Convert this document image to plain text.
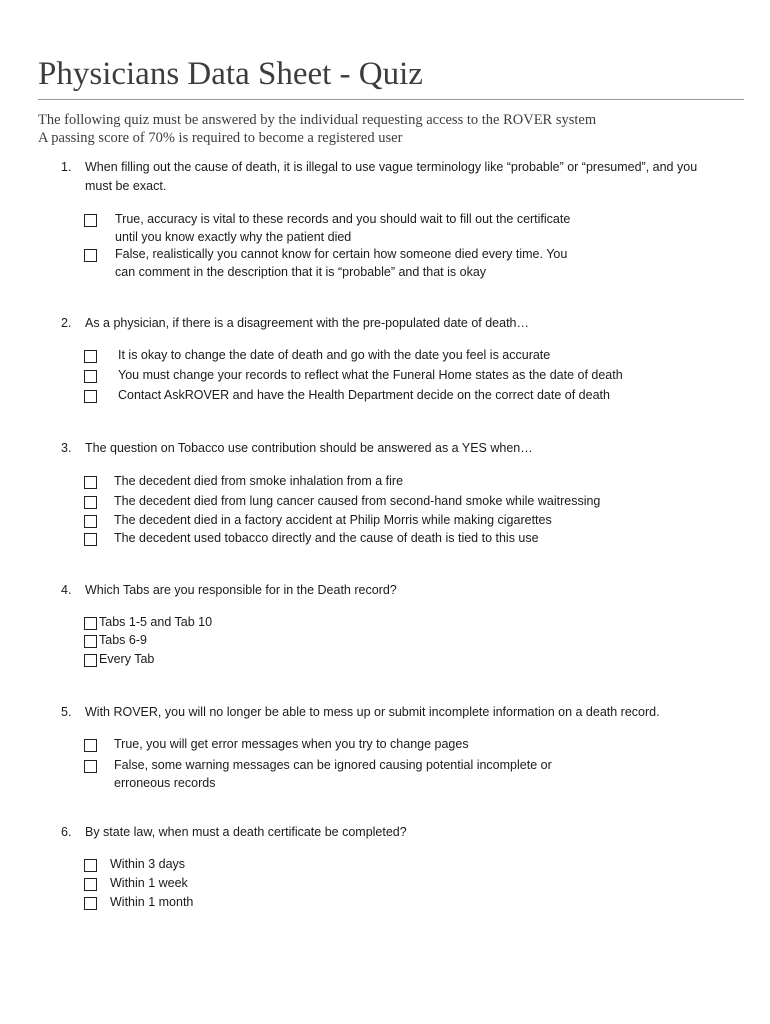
Physicians Data Sheet - Quiz
The following quiz must be answered by the individual requesting access to the ROVER system
A passing score of 70% is required to become a registered user
1. When filling out the cause of death, it is illegal to use vague terminology like “probable” or “presumed”, and you
must be exact.
True, accuracy is vital to these records and you should wait to fill out the certificate
until you know exactly why the patient died
False, realistically you cannot know for certain how someone died every time. You
can comment in the description that it is “probable” and that is okay
2. As a physician, if there is a disagreement with the pre-populated date of death…
It is okay to change the date of death and go with the date you feel is accurate
You must change your records to reflect what the Funeral Home states as the date of death
Contact AskROVER and have the Health Department decide on the correct date of death
3. The question on Tobacco use contribution should be answered as a YES when…
The decedent died from smoke inhalation from a fire
The decedent died from lung cancer caused from second-hand smoke while waitressing
The decedent died in a factory accident at Philip Morris while making cigarettes
The decedent used tobacco directly and the cause of death is tied to this use
4. Which Tabs are you responsible for in the Death record?
Tabs 1-5 and Tab 10
Tabs 6-9
Every Tab
5. With ROVER, you will no longer be able to mess up or submit incomplete information on a death record.
True, you will get error messages when you try to change pages
False, some warning messages can be ignored causing potential incomplete or
erroneous records
6. By state law, when must a death certificate be completed?
Within 3 days
Within 1 week
Within 1 month
